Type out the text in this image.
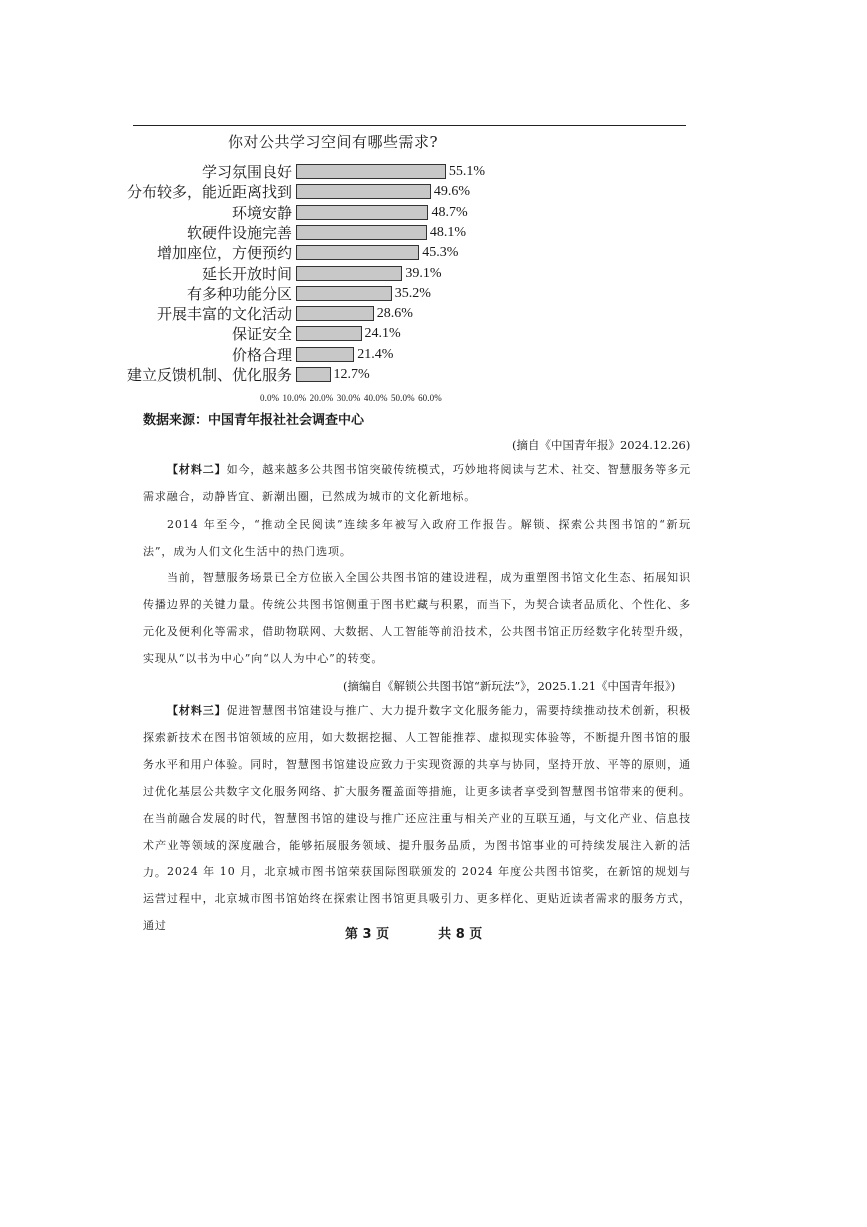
你对公共学习空间有哪些需求?
学习氛围良好	55.1%
分布较多，能近距离找到	49.6%
环境安静	48.7%
软硬件设施完善	48.1%
增加座位，方便预约	45.3%
延长开放时间	39.1%
有多种功能分区	35.2%
开展丰富的文化活动	28.6%
保证安全	24.1%
价格合理	21.4%
建立反馈机制、优化服务	12.7%
0.0% 10.0% 20.0% 30.0% 40.0% 50.0% 60.0%
数据来源：中国青年报社社会调查中心
(摘自《中国青年报》2024.12.26)
【材料二】如今，越来越多公共图书馆突破传统模式，巧妙地将阅读与艺术、社交、智慧服务等多元需求融合，动静皆宜、新潮出圈，已然成为城市的文化新地标。
2014 年至今，“推动全民阅读”连续多年被写入政府工作报告。解锁、探索公共图书馆的“新玩法”，成为人们文化生活中的热门选项。
当前，智慧服务场景已全方位嵌入全国公共图书馆的建设进程，成为重塑图书馆文化生态、拓展知识传播边界的关键力量。传统公共图书馆侧重于图书贮藏与积累，而当下，为契合读者品质化、个性化、多元化及便利化等需求，借助物联网、大数据、人工智能等前沿技术，公共图书馆正历经数字化转型升级，实现从“以书为中心”向“以人为中心”的转变。
(摘编自《解锁公共图书馆“新玩法”》，2025.1.21《中国青年报》)
【材料三】促进智慧图书馆建设与推广、大力提升数字文化服务能力，需要持续推动技术创新，积极探索新技术在图书馆领域的应用，如大数据挖掘、人工智能推荐、虚拟现实体验等，不断提升图书馆的服务水平和用户体验。同时，智慧图书馆建设应致力于实现资源的共享与协同，坚持开放、平等的原则，通过优化基层公共数字文化服务网络、扩大服务覆盖面等措施，让更多读者享受到智慧图书馆带来的便利。在当前融合发展的时代，智慧图书馆的建设与推广还应注重与相关产业的互联互通，与文化产业、信息技术产业等领域的深度融合，能够拓展服务领域、提升服务品质，为图书馆事业的可持续发展注入新的活力。 2024 年 10 月，北京城市图书馆荣获国际图联颁发的 2024 年度公共图书馆奖，在新馆的规划与运营过程中，北京城市图书馆始终在探索让图书馆更具吸引力、更多样化、更贴近读者需求的服务方式，通过
第 3 页	共 8 页
